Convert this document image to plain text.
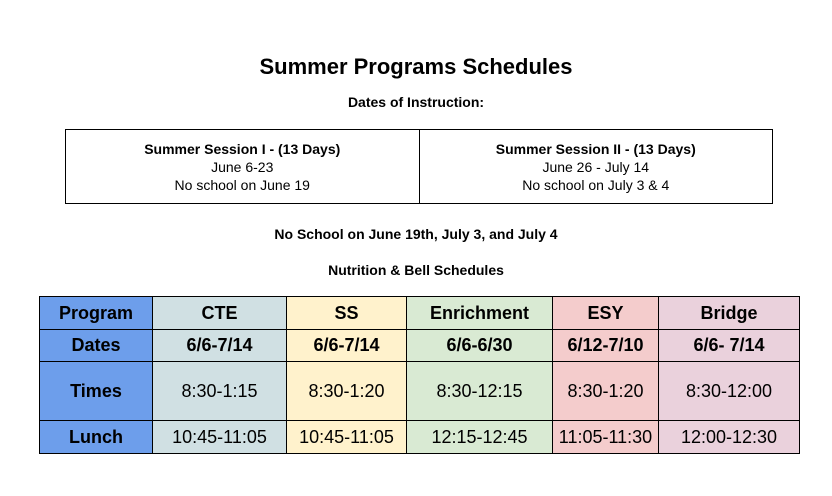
Summer Programs Schedules
Dates of Instruction:
Summer Session I - (13 Days)
June 6-23
No school on June 19
Summer Session II - (13 Days)
June 26 - July 14
No school on July 3 & 4
No School on June 19th, July 3, and July 4
Nutrition & Bell Schedules
Program	CTE	SS	Enrichment	ESY	Bridge
Dates	6/6-7/14	6/6-7/14	6/6-6/30	6/12-7/10	6/6- 7/14
Times	8:30-1:15	8:30-1:20	8:30-12:15	8:30-1:20	8:30-12:00
Lunch	10:45-11:05	10:45-11:05	12:15-12:45	11:05-11:30	12:00-12:30
